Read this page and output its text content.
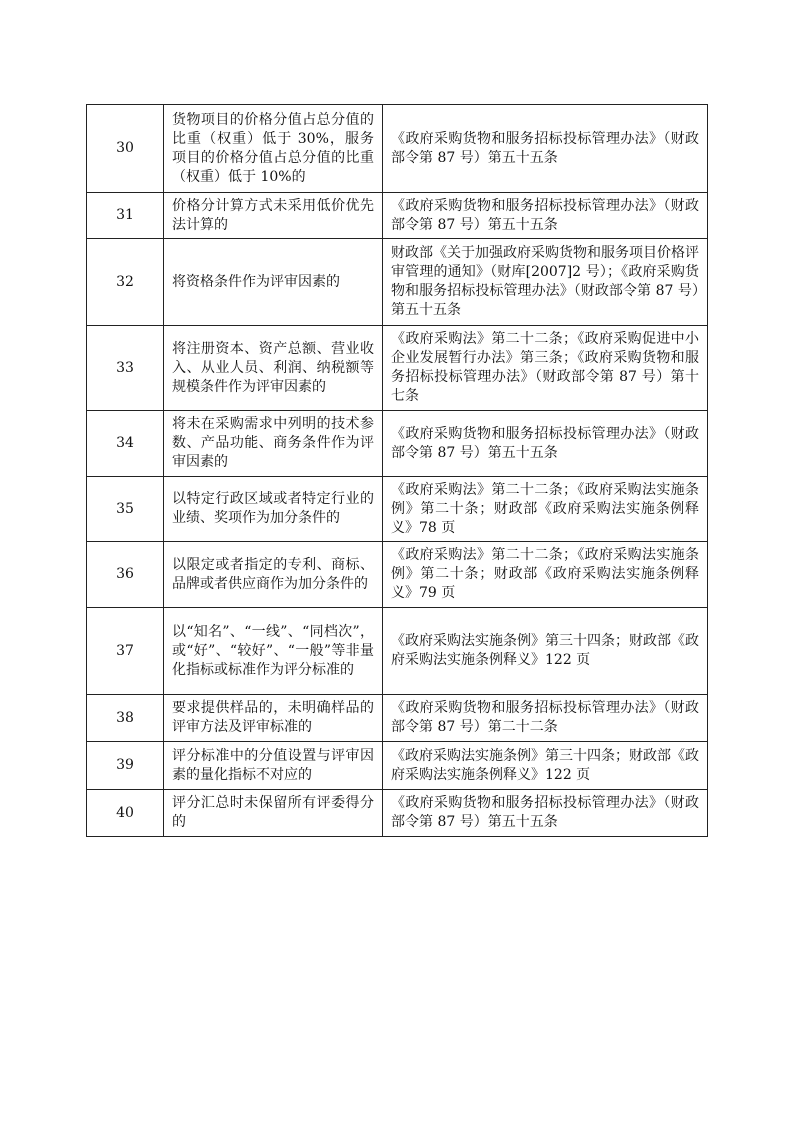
30	货物项目的价格分值占总分值的比重（权重）低于 30%，服务项目的价格分值占总分值的比重（权重）低于 10%的	《政府采购货物和服务招标投标管理办法》（财政部令第 87 号）第五十五条
31	价格分计算方式未采用低价优先法计算的	《政府采购货物和服务招标投标管理办法》（财政部令第 87 号）第五十五条
32	将资格条件作为评审因素的	财政部《关于加强政府采购货物和服务项目价格评审管理的通知》（财库[2007]2 号）；《政府采购货物和服务招标投标管理办法》（财政部令第 87 号）第五十五条
33	将注册资本、资产总额、营业收入、从业人员、利润、纳税额等规模条件作为评审因素的	《政府采购法》第二十二条；《政府采购促进中小企业发展暂行办法》第三条；《政府采购货物和服务招标投标管理办法》（财政部令第 87 号）第十七条
34	将未在采购需求中列明的技术参数、产品功能、商务条件作为评审因素的	《政府采购货物和服务招标投标管理办法》（财政部令第 87 号）第五十五条
35	以特定行政区域或者特定行业的业绩、奖项作为加分条件的	《政府采购法》第二十二条；《政府采购法实施条例》第二十条；财政部《政府采购法实施条例释义》78 页
36	以限定或者指定的专利、商标、品牌或者供应商作为加分条件的	《政府采购法》第二十二条；《政府采购法实施条例》第二十条；财政部《政府采购法实施条例释义》79 页
37	以“知名”、“一线”、“同档次”，或“好”、“较好”、“一般”等非量化指标或标准作为评分标准的	《政府采购法实施条例》第三十四条；财政部《政府采购法实施条例释义》122 页
38	要求提供样品的，未明确样品的评审方法及评审标准的	《政府采购货物和服务招标投标管理办法》（财政部令第 87 号）第二十二条
39	评分标准中的分值设置与评审因素的量化指标不对应的	《政府采购法实施条例》第三十四条；财政部《政府采购法实施条例释义》122 页
40	评分汇总时未保留所有评委得分的	《政府采购货物和服务招标投标管理办法》（财政部令第 87 号）第五十五条
